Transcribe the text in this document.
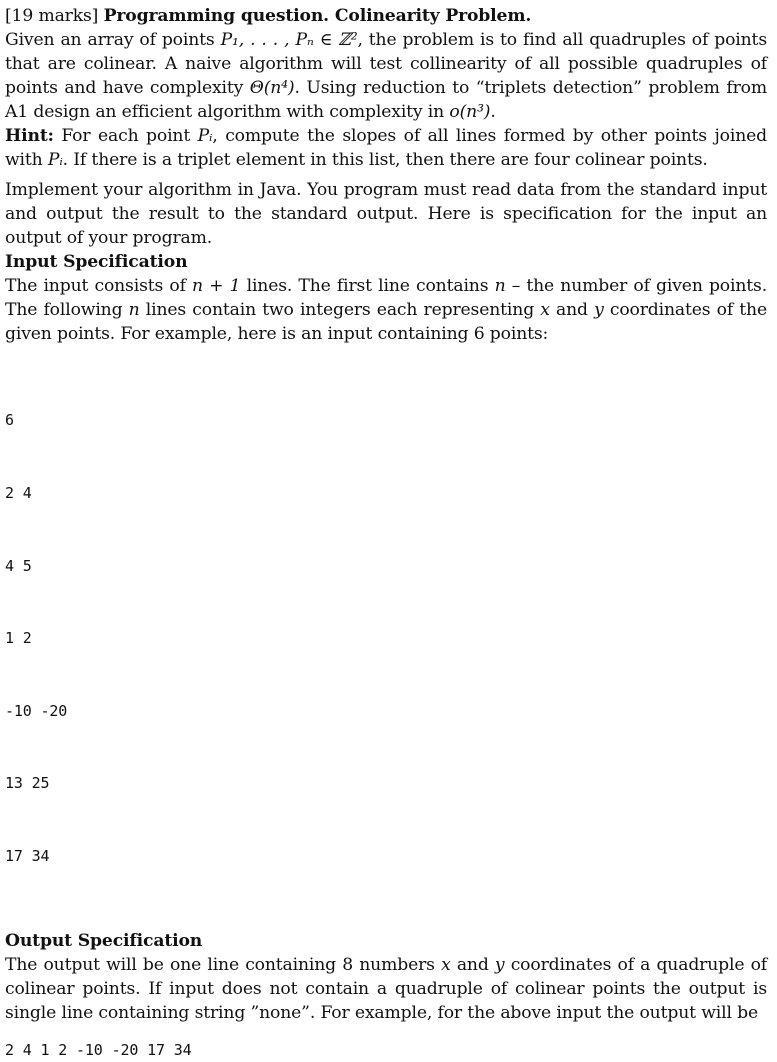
[19 marks] Programming question. Colinearity Problem.
Given an array of points P₁, . . . , Pₙ ∈ ℤ², the problem is to find all quadruples of points that are colinear. A naive algorithm will test collinearity of all possible quadruples of points and have complexity Θ(n⁴). Using reduction to “triplets detection” problem from A1 design an efficient algorithm with complexity in o(n³).
Hint: For each point Pᵢ, compute the slopes of all lines formed by other points joined with Pᵢ. If there is a triplet element in this list, then there are four colinear points.

Implement your algorithm in Java. You program must read data from the standard input and output the result to the standard output. Here is specification for the input an output of your program.

Input Specification

The input consists of n + 1 lines. The first line contains n – the number of given points. The following n lines contain two integers each representing x and y coordinates of the given points. For example, here is an input containing 6 points:

6

2 4

4 5

1 2

-10 -20

13 25

17 34

Output Specification

The output will be one line containing 8 numbers x and y coordinates of a quadruple of colinear points. If input does not contain a quadruple of colinear points the output is single line containing string ”none”. For example, for the above input the output will be

2 4 1 2 -10 -20 17 34
